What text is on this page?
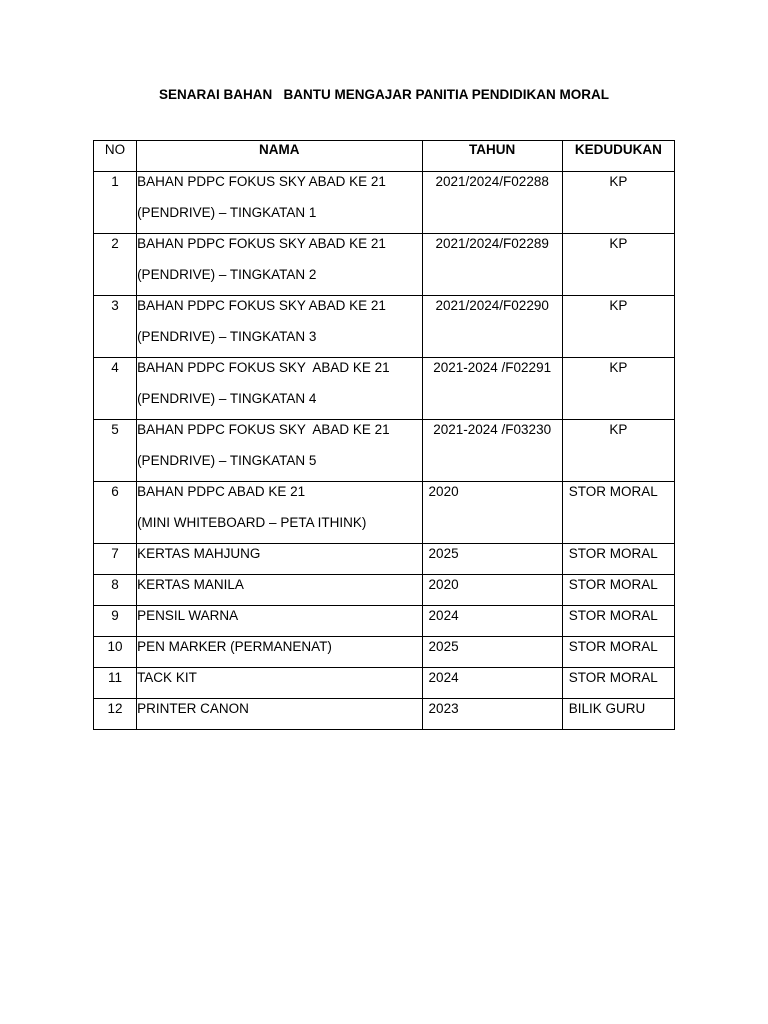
SENARAI BAHAN   BANTU MENGAJAR PANITIA PENDIDIKAN MORAL

NO	NAMA	TAHUN	KEDUDUKAN

1	BAHAN PDPC FOKUS SKY ABAD KE 21
(PENDRIVE) – TINGKATAN 1	2021/2024/F02288	KP

2	BAHAN PDPC FOKUS SKY ABAD KE 21
(PENDRIVE) – TINGKATAN 2	2021/2024/F02289	KP

3	BAHAN PDPC FOKUS SKY ABAD KE 21
(PENDRIVE) – TINGKATAN 3	2021/2024/F02290	KP

4	BAHAN PDPC FOKUS SKY  ABAD KE 21
(PENDRIVE) – TINGKATAN 4	2021-2024 /F02291	KP

5	BAHAN PDPC FOKUS SKY  ABAD KE 21
(PENDRIVE) – TINGKATAN 5	2021-2024 /F03230	KP

6	BAHAN PDPC ABAD KE 21
(MINI WHITEBOARD – PETA ITHINK)	2020	STOR MORAL

7	KERTAS MAHJUNG	2025	STOR MORAL

8	KERTAS MANILA	2020	STOR MORAL

9	PENSIL WARNA	2024	STOR MORAL

10	PEN MARKER (PERMANENAT)	2025	STOR MORAL

11	TACK KIT	2024	STOR MORAL

12	PRINTER CANON	2023	BILIK GURU
